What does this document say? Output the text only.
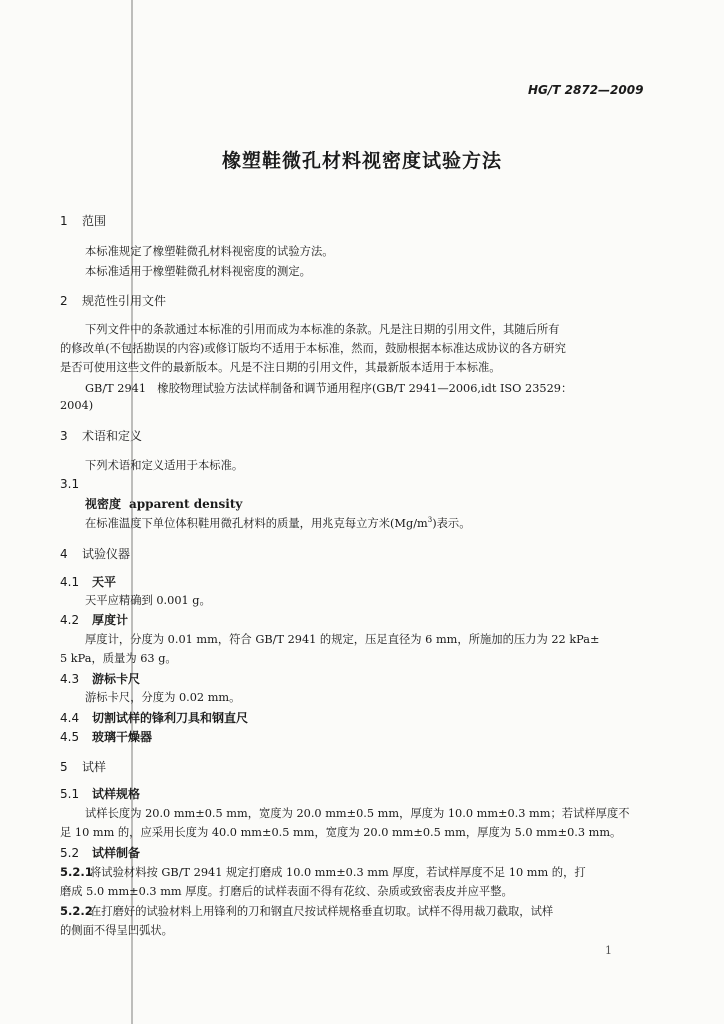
HG/T 2872—2009
橡塑鞋微孔材料视密度试验方法
1 范围
本标准规定了橡塑鞋微孔材料视密度的试验方法。
本标准适用于橡塑鞋微孔材料视密度的测定。
2 规范性引用文件
下列文件中的条款通过本标准的引用而成为本标准的条款。凡是注日期的引用文件，其随后所有
的修改单(不包括勘误的内容)或修订版均不适用于本标准，然而，鼓励根据本标准达成协议的各方研究
是否可使用这些文件的最新版本。凡是不注日期的引用文件，其最新版本适用于本标准。
GB/T 2941　橡胶物理试验方法试样制备和调节通用程序(GB/T 2941—2006,idt ISO 23529：
2004)
3 术语和定义
下列术语和定义适用于本标准。
3.1
视密度 apparent density
在标准温度下单位体积鞋用微孔材料的质量，用兆克每立方米$(Mg/m^3)$表示。
4 试验仪器
4.1 天平
天平应精确到 0.001 g。
4.2 厚度计
厚度计，分度为 0.01 mm，符合 GB/T 2941 的规定，压足直径为 6 mm，所施加的压力为 22 kPa±
5 kPa，质量为 63 g。
4.3 游标卡尺
游标卡尺，分度为 0.02 mm。
4.4 切割试样的锋利刀具和钢直尺
4.5 玻璃干燥器
5 试样
5.1 试样规格
试样长度为 20.0 mm±0.5 mm，宽度为 20.0 mm±0.5 mm，厚度为 10.0 mm±0.3 mm；若试样厚度不
足 10 mm 的，应采用长度为 40.0 mm±0.5 mm，宽度为 20.0 mm±0.5 mm，厚度为 5.0 mm±0.3 mm。
5.2 试样制备
5.2.1将试验材料按 GB/T 2941 规定打磨成 10.0 mm±0.3 mm 厚度，若试样厚度不足 10 mm 的，打
磨成 5.0 mm±0.3 mm 厚度。打磨后的试样表面不得有花纹、杂质或致密表皮并应平整。
5.2.2在打磨好的试验材料上用锋利的刀和钢直尺按试样规格垂直切取。试样不得用裁刀截取，试样
的侧面不得呈凹弧状。
1
